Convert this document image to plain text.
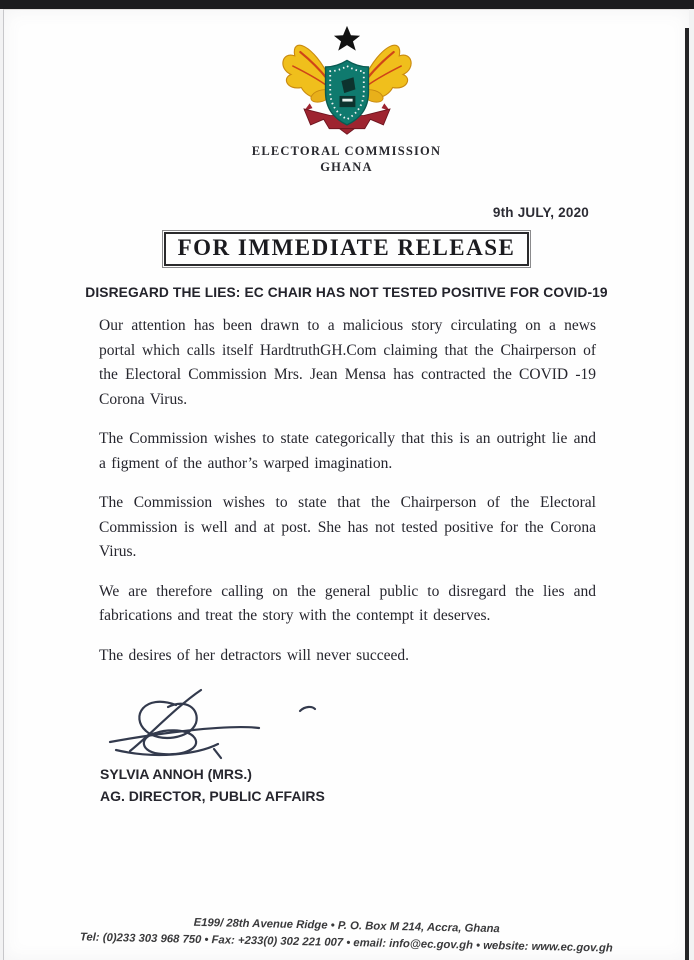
ELECTORAL COMMISSION
GHANA
9th JULY, 2020
FOR IMMEDIATE RELEASE
DISREGARD THE LIES: EC CHAIR HAS NOT TESTED POSITIVE FOR COVID-19

Our attention has been drawn to a malicious story circulating on a news portal which calls itself HardtruthGH.Com claiming that the Chairperson of the Electoral Commission Mrs. Jean Mensa has contracted the COVID -19 Corona Virus.

The Commission wishes to state categorically that this is an outright lie and a figment of the author’s warped imagination.

The Commission wishes to state that the Chairperson of the Electoral Commission is well and at post. She has not tested positive for the Corona Virus.

We are therefore calling on the general public to disregard the lies and fabrications and treat the story with the contempt it deserves.

The desires of her detractors will never succeed.

SYLVIA ANNOH (MRS.)
AG. DIRECTOR, PUBLIC AFFAIRS
E199/ 28th Avenue Ridge • P. O. Box M 214, Accra, Ghana
Tel: (0)233 303 968 750 • Fax: +233(0) 302 221 007 • email: info@ec.gov.gh • website: www.ec.gov.gh
